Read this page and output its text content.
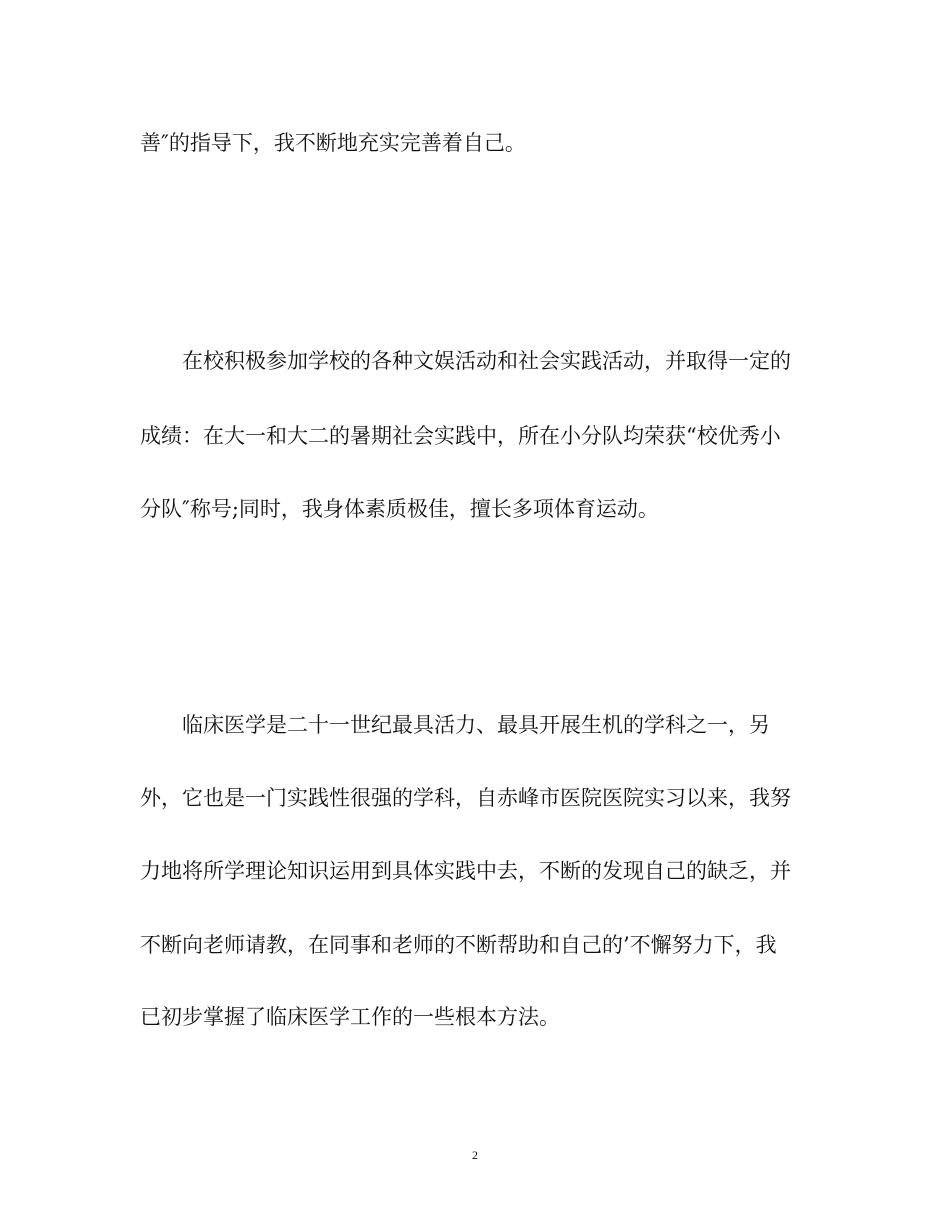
善″的指导下，我不断地充实完善着自己。

在校积极参加学校的各种文娱活动和社会实践活动，并取得一定的

成绩：在大一和大二的暑期社会实践中，所在小分队均荣获“校优秀小

分队″称号;同时，我身体素质极佳，擅长多项体育运动。

临床医学是二十一世纪最具活力、最具开展生机的学科之一，另

外，它也是一门实践性很强的学科，自赤峰市医院医院实习以来，我努

力地将所学理论知识运用到具体实践中去，不断的发现自己的缺乏，并

不断向老师请教，在同事和老师的不断帮助和自己的’不懈努力下，我

已初步掌握了临床医学工作的一些根本方法。

2
